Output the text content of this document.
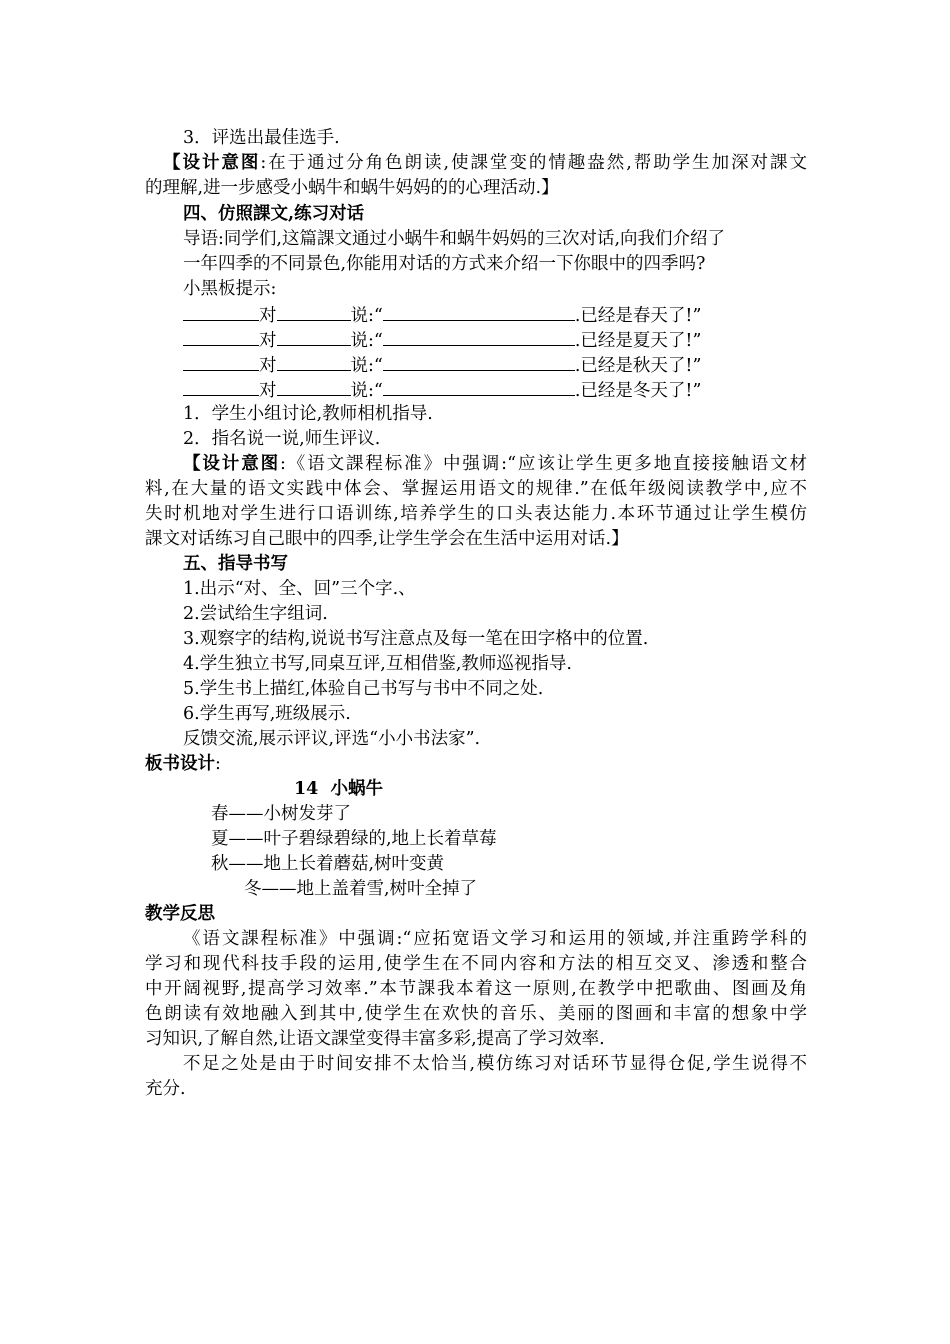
3．评选出最佳选手.
【设计意图:在于通过分角色朗读,使課堂变的情趣盎然,帮助学生加深对課文
的理解,进一步感受小蜗牛和蜗牛妈妈的的心理活动.】
四、仿照課文,练习对话
导语:同学们,这篇課文通过小蜗牛和蜗牛妈妈的三次对话,向我们介绍了
一年四季的不同景色,你能用对话的方式来介绍一下你眼中的四季吗?
小黑板提示:
对	说:“	.已经是春天了!”
对	说:“	.已经是夏天了!”
对	说:“	.已经是秋天了!”
对	说:“	.已经是冬天了!”
1．学生小组讨论,教师相机指导.
2．指名说一说,师生评议.
【设计意图:《语文課程标准》中强调:“应该让学生更多地直接接触语文材
料,在大量的语文实践中体会、掌握运用语文的规律.”在低年级阅读教学中,应不
失时机地对学生进行口语训练,培养学生的口头表达能力.本环节通过让学生模仿
課文对话练习自己眼中的四季,让学生学会在生活中运用对话.】
五、指导书写
1.出示“对、全、回”三个字.、
2.尝试给生字组词.
3.观察字的结构,说说书写注意点及每一笔在田字格中的位置.
4.学生独立书写,同桌互评,互相借鉴,教师巡视指导.
5.学生书上描红,体验自己书写与书中不同之处.
6.学生再写,班级展示.
反馈交流,展示评议,评选“小小书法家”.
板书设计:
14  小蜗牛
春——小树发芽了
夏——叶子碧绿碧绿的,地上长着草莓
秋——地上长着蘑菇,树叶变黄
冬——地上盖着雪,树叶全掉了
教学反思
《语文課程标准》中强调:“应拓宽语文学习和运用的领域,并注重跨学科的
学习和现代科技手段的运用,使学生在不同内容和方法的相互交叉、渗透和整合
中开阔视野,提高学习效率.”本节課我本着这一原则,在教学中把歌曲、图画及角
色朗读有效地融入到其中,使学生在欢快的音乐、美丽的图画和丰富的想象中学
习知识,了解自然,让语文課堂变得丰富多彩,提高了学习效率.
不足之处是由于时间安排不太恰当,模仿练习对话环节显得仓促,学生说得不
充分.
